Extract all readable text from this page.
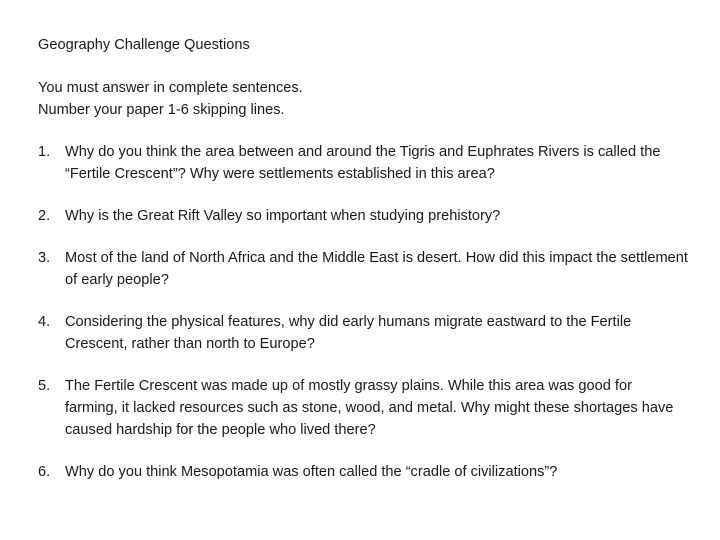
Geography Challenge Questions
You must answer in complete sentences.
Number your paper 1-6 skipping lines.
1.	Why do you think the area between and around the Tigris and Euphrates Rivers is called the “Fertile Crescent”? Why were settlements established in this area?
2.	Why is the Great Rift Valley so important when studying prehistory?
3.	Most of the land of North Africa and the Middle East is desert. How did this impact the settlement of early people?
4.	Considering the physical features, why did early humans migrate eastward to the Fertile Crescent, rather than north to Europe?
5.	The Fertile Crescent was made up of mostly grassy plains. While this area was good for farming, it lacked resources such as stone, wood, and metal. Why might these shortages have caused hardship for the people who lived there?
6.	Why do you think Mesopotamia was often called the “cradle of civilizations”?
